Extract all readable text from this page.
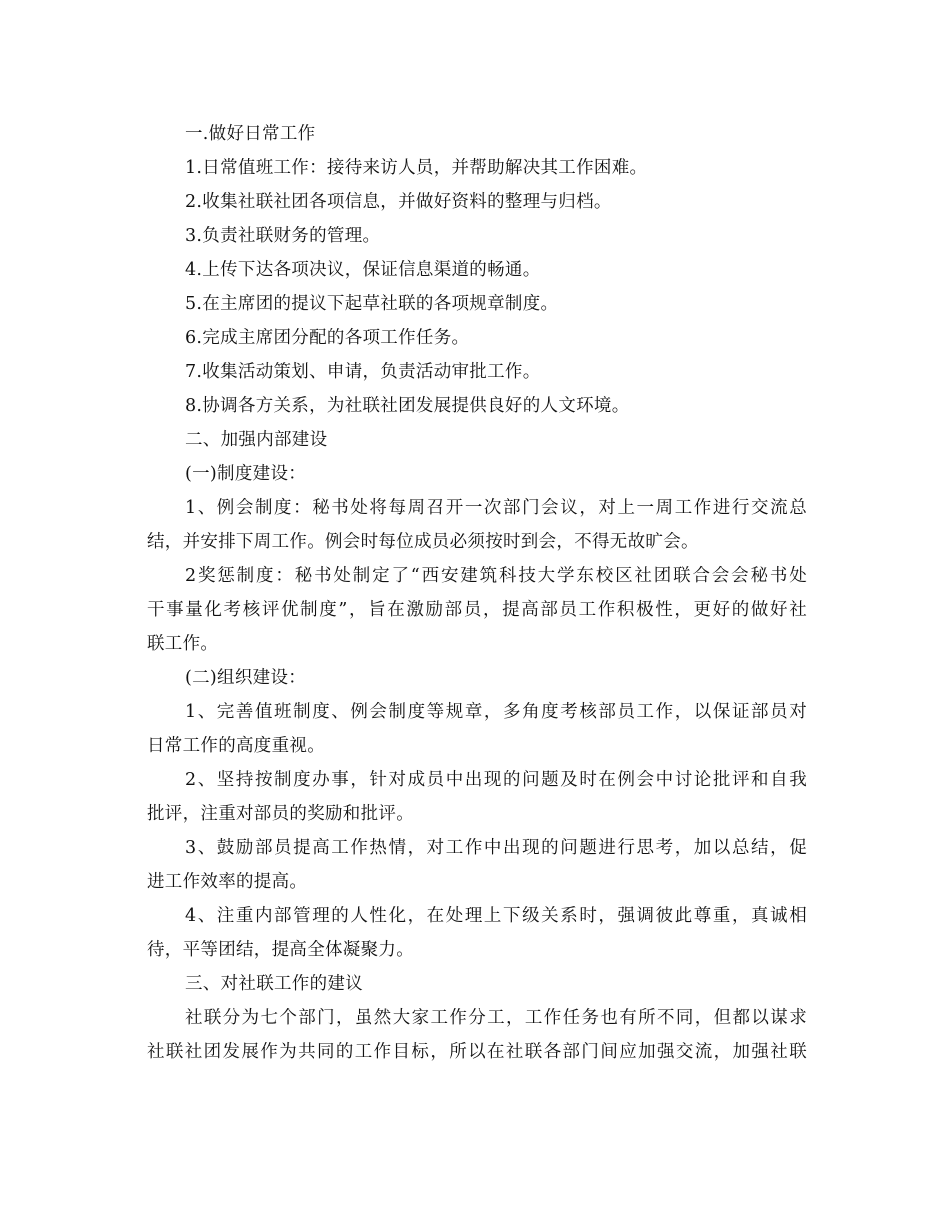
一.做好日常工作
1.日常值班工作：接待来访人员，并帮助解决其工作困难。
2.收集社联社团各项信息，并做好资料的整理与归档。
3.负责社联财务的管理。
4.上传下达各项决议，保证信息渠道的畅通。
5.在主席团的提议下起草社联的各项规章制度。
6.完成主席团分配的各项工作任务。
7.收集活动策划、申请，负责活动审批工作。
8.协调各方关系，为社联社团发展提供良好的人文环境。
二、加强内部建设
(一)制度建设：
1、例会制度：秘书处将每周召开一次部门会议，对上一周工作进行交流总
结，并安排下周工作。例会时每位成员必须按时到会，不得无故旷会。
2奖惩制度：秘书处制定了“西安建筑科技大学东校区社团联合会会秘书处
干事量化考核评优制度”，旨在激励部员，提高部员工作积极性，更好的做好社
联工作。
(二)组织建设：
1、完善值班制度、例会制度等规章，多角度考核部员工作，以保证部员对
日常工作的高度重视。
2、坚持按制度办事，针对成员中出现的问题及时在例会中讨论批评和自我
批评，注重对部员的奖励和批评。
3、鼓励部员提高工作热情，对工作中出现的问题进行思考，加以总结，促
进工作效率的提高。
4、注重内部管理的人性化，在处理上下级关系时，强调彼此尊重，真诚相
待，平等团结，提高全体凝聚力。
三、对社联工作的建议
社联分为七个部门，虽然大家工作分工，工作任务也有所不同，但都以谋求
社联社团发展作为共同的工作目标，所以在社联各部门间应加强交流，加强社联
